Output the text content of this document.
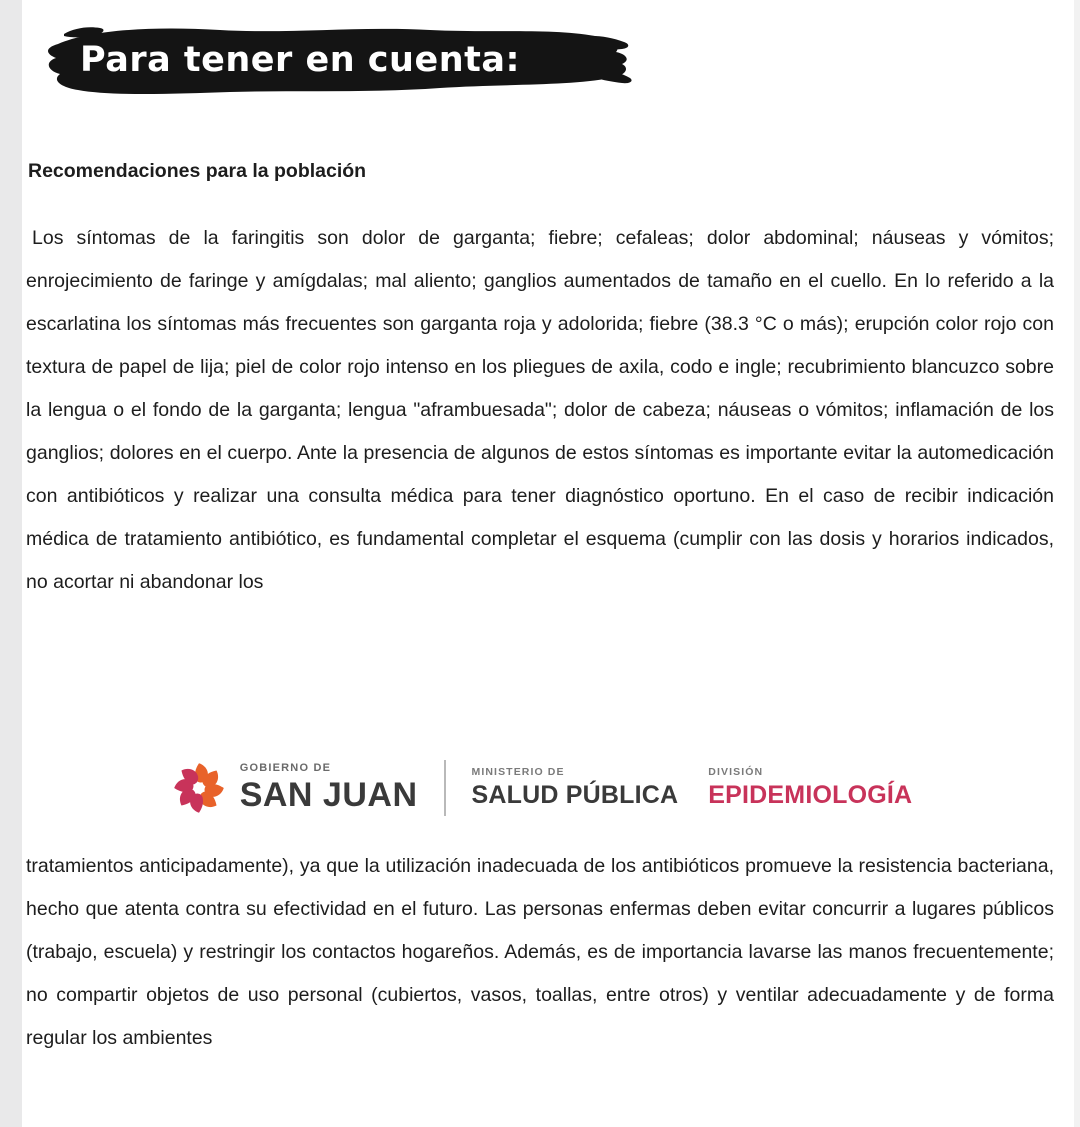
Para tener en cuenta:
Recomendaciones para la población

Los síntomas de la faringitis son dolor de garganta; fiebre; cefaleas; dolor abdominal; náuseas y vómitos; enrojecimiento de faringe y amígdalas; mal aliento; ganglios aumentados de tamaño en el cuello. En lo referido a la escarlatina los síntomas más frecuentes son garganta roja y adolorida; fiebre (38.3 °C o más); erupción color rojo con textura de papel de lija; piel de color rojo intenso en los pliegues de axila, codo e ingle; recubrimiento blancuzco sobre la lengua o el fondo de la garganta; lengua "aframbuesada"; dolor de cabeza; náuseas o vómitos; inflamación de los ganglios; dolores en el cuerpo. Ante la presencia de algunos de estos síntomas es importante evitar la automedicación con antibióticos y realizar una consulta médica para tener diagnóstico oportuno. En el caso de recibir indicación médica de tratamiento antibiótico, es fundamental completar el esquema (cumplir con las dosis y horarios indicados, no acortar ni abandonar los

GOBIERNO DE
SAN JUAN
MINISTERIO DE
SALUD PÚBLICA
DIVISIÓN
EPIDEMIOLOGÍA

tratamientos anticipadamente), ya que la utilización inadecuada de los antibióticos promueve la resistencia bacteriana, hecho que atenta contra su efectividad en el futuro. Las personas enfermas deben evitar concurrir a lugares públicos (trabajo, escuela) y restringir los contactos hogareños. Además, es de importancia lavarse las manos frecuentemente; no compartir objetos de uso personal (cubiertos, vasos, toallas, entre otros) y ventilar adecuadamente y de forma regular los ambientes
